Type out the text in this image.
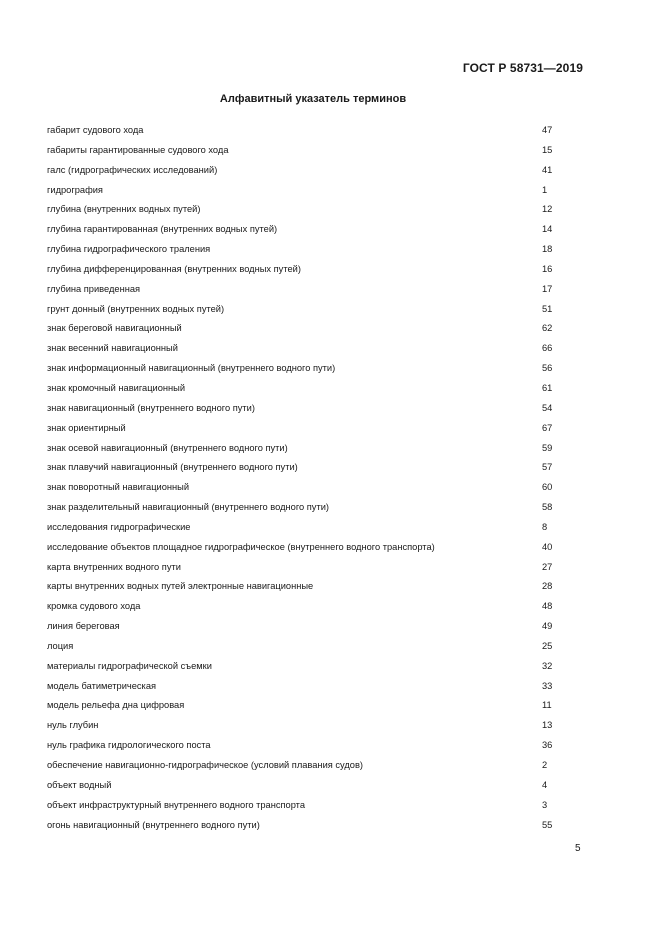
ГОСТ Р 58731—2019
Алфавитный указатель терминов
габарит судового хода	47
габариты гарантированные судового хода	15
галс (гидрографических исследований)	41
гидрография	1
глубина (внутренних водных путей)	12
глубина гарантированная (внутренних водных путей)	14
глубина гидрографического траления	18
глубина дифференцированная (внутренних водных путей)	16
глубина приведенная	17
грунт донный (внутренних водных путей)	51
знак береговой навигационный	62
знак весенний навигационный	66
знак информационный навигационный (внутреннего водного пути)	56
знак кромочный навигационный	61
знак навигационный (внутреннего водного пути)	54
знак ориентирный	67
знак осевой навигационный (внутреннего водного пути)	59
знак плавучий навигационный (внутреннего водного пути)	57
знак поворотный навигационный	60
знак разделительный навигационный (внутреннего водного пути)	58
исследования гидрографические	8
исследование объектов площадное гидрографическое (внутреннего водного транспорта)	40
карта внутренних водного пути	27
карты внутренних водных путей электронные навигационные	28
кромка судового хода	48
линия береговая	49
лоция	25
материалы гидрографической съемки	32
модель батиметрическая	33
модель рельефа дна цифровая	11
нуль глубин	13
нуль графика гидрологического поста	36
обеспечение навигационно-гидрографическое (условий плавания судов)	2
объект водный	4
объект инфраструктурный внутреннего водного транспорта	3
огонь навигационный (внутреннего водного пути)	55
5
